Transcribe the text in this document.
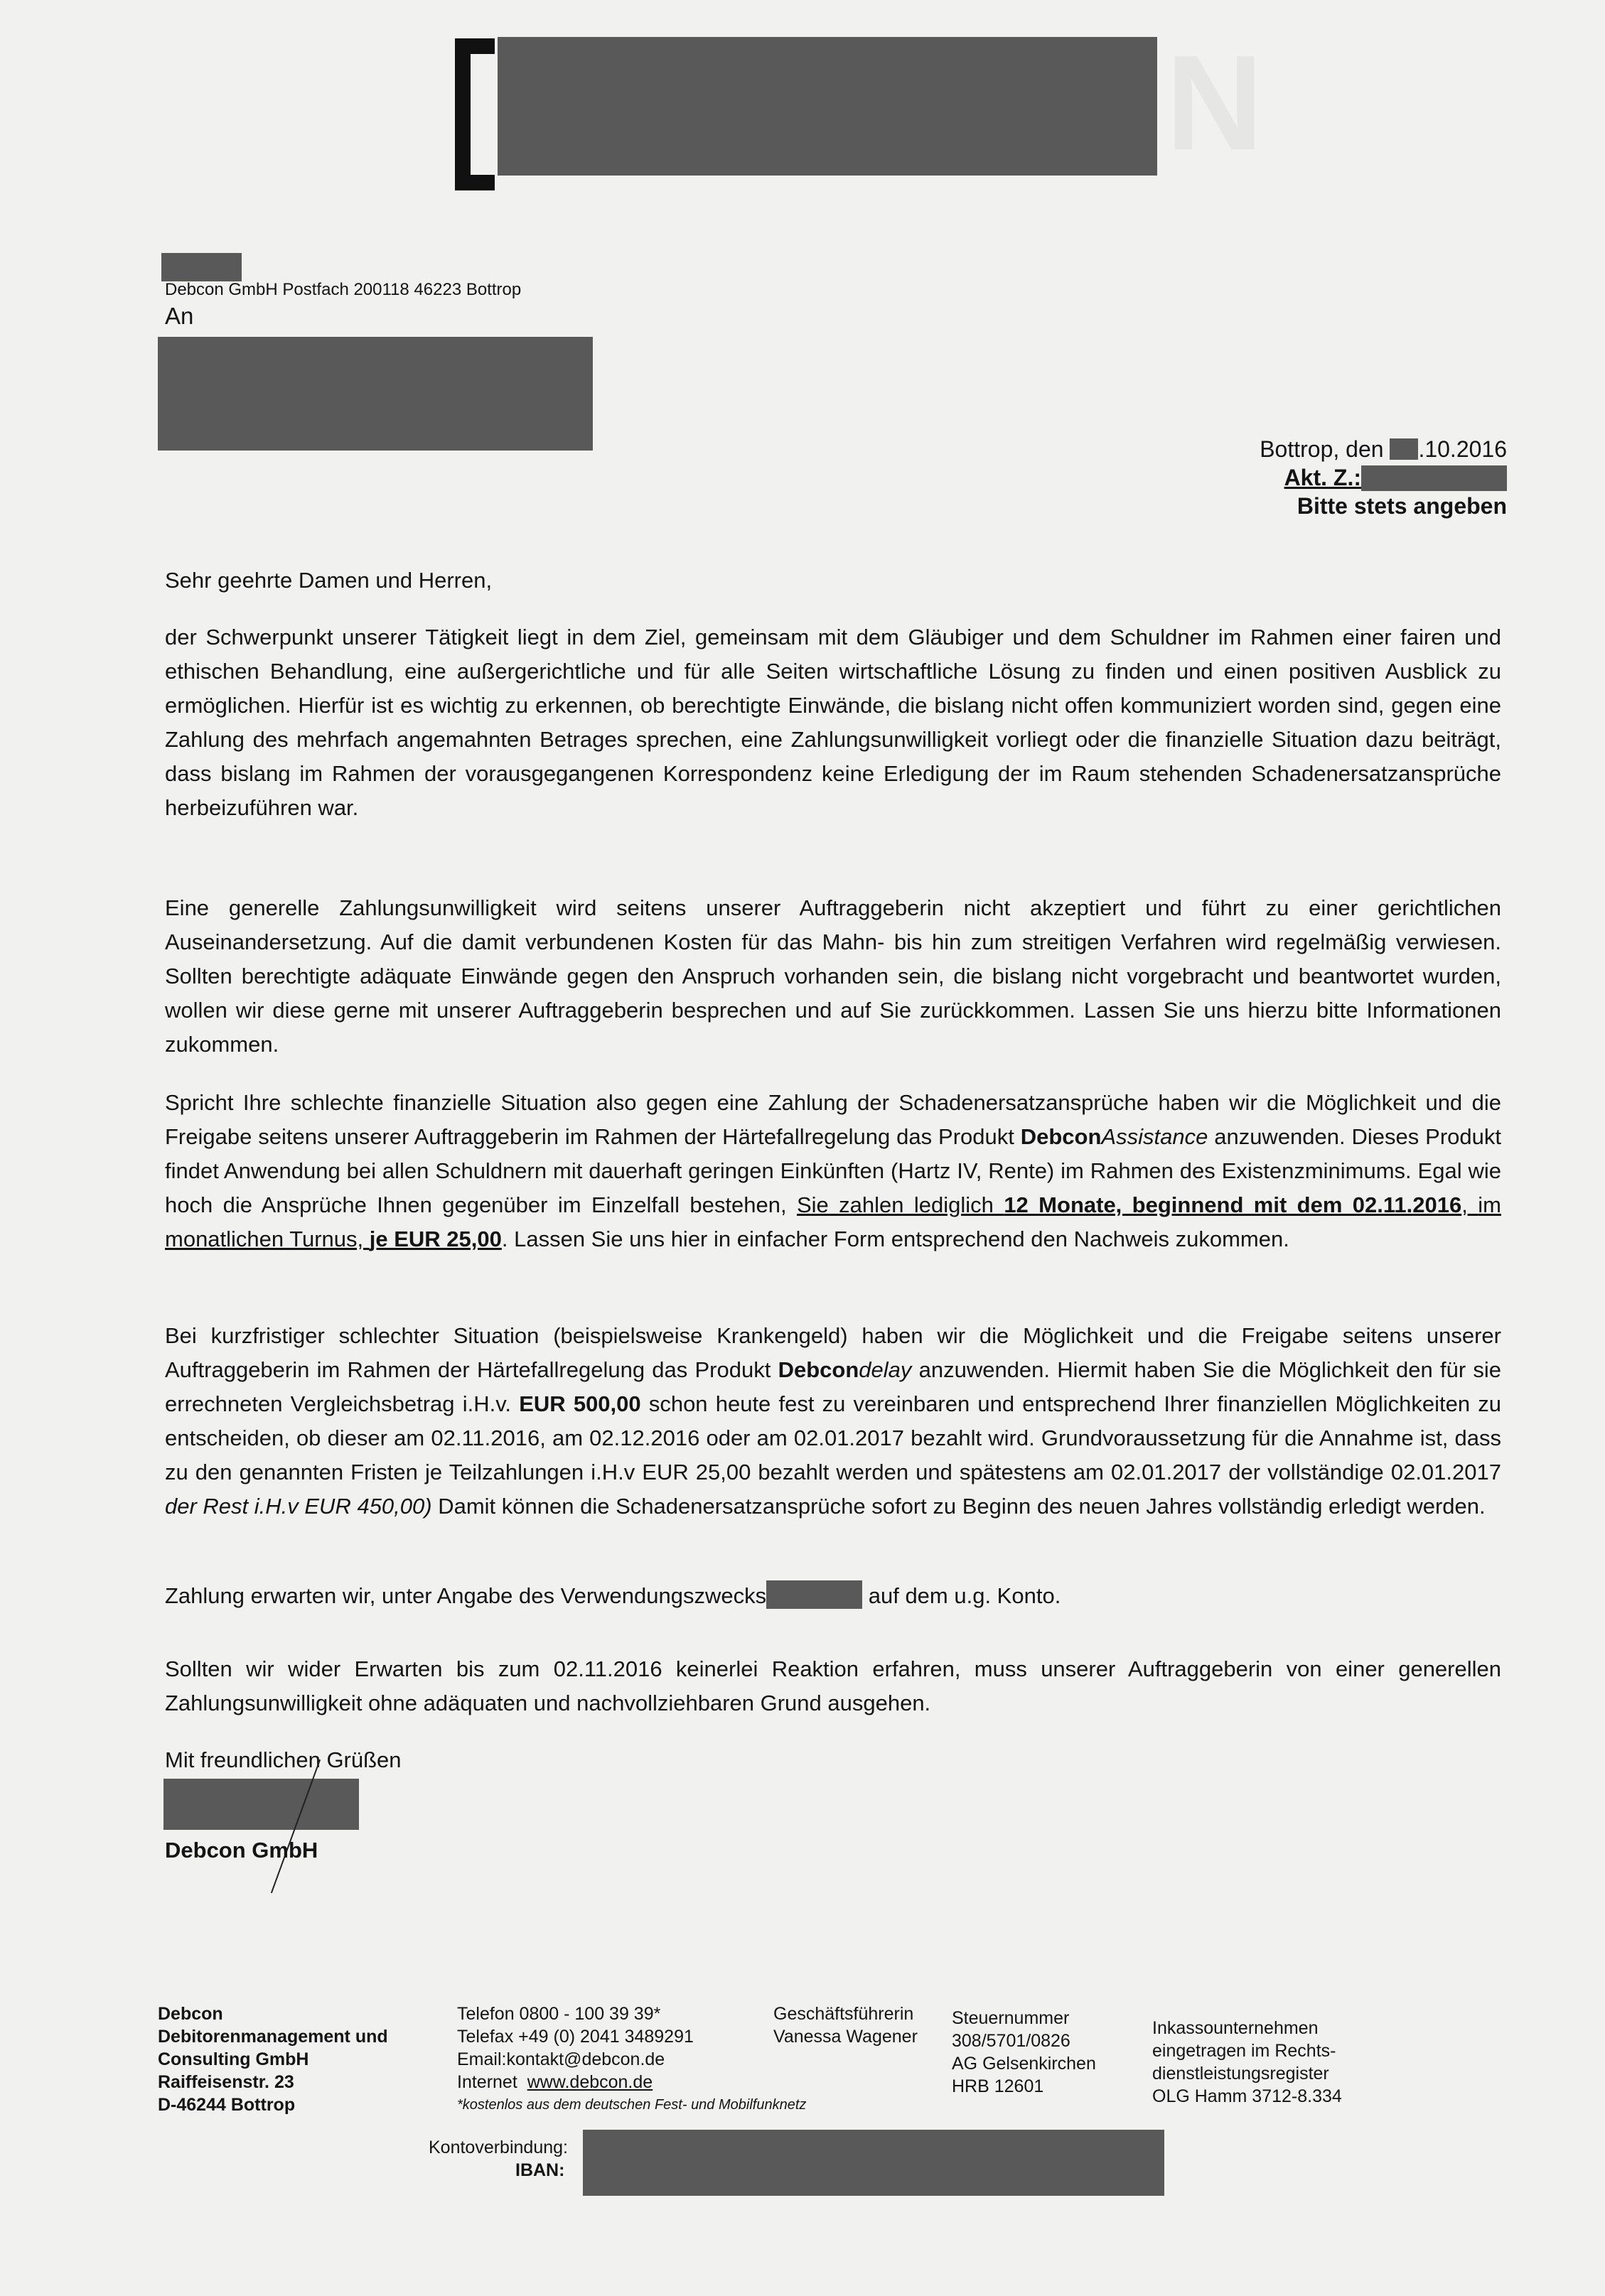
N
Debcon GmbH Postfach 200118 46223 Bottrop
An
Bottrop, den .10.2016
Akt. Z.:
Bitte stets angeben
Sehr geehrte Damen und Herren,
der Schwerpunkt unserer Tätigkeit liegt in dem Ziel, gemeinsam mit dem Gläubiger und dem Schuldner im Rahmen einer fairen und ethischen Behandlung, eine außergerichtliche und für alle Seiten wirtschaftliche Lösung zu finden und einen positiven Ausblick zu ermöglichen. Hierfür ist es wichtig zu erkennen, ob berechtigte Einwände, die bislang nicht offen kommuniziert worden sind, gegen eine Zahlung des mehrfach angemahnten Betrages sprechen, eine Zahlungsunwilligkeit vorliegt oder die finanzielle Situation dazu beiträgt, dass bislang im Rahmen der vorausgegangenen Korrespondenz keine Erledigung der im Raum stehenden Schadenersatzansprüche herbeizuführen war.
Eine generelle Zahlungsunwilligkeit wird seitens unserer Auftraggeberin nicht akzeptiert und führt zu einer gerichtlichen Auseinandersetzung. Auf die damit verbundenen Kosten für das Mahn- bis hin zum streitigen Verfahren wird regelmäßig verwiesen. Sollten berechtigte adäquate Einwände gegen den Anspruch vorhanden sein, die bislang nicht vorgebracht und beantwortet wurden, wollen wir diese gerne mit unserer Auftraggeberin besprechen und auf Sie zurückkommen. Lassen Sie uns hierzu bitte Informationen zukommen.
Spricht Ihre schlechte finanzielle Situation also gegen eine Zahlung der Schadenersatzansprüche haben wir die Möglichkeit und die Freigabe seitens unserer Auftraggeberin im Rahmen der Härtefallregelung das Produkt DebconAssistance anzuwenden. Dieses Produkt findet Anwendung bei allen Schuldnern mit dauerhaft geringen Einkünften (Hartz IV, Rente) im Rahmen des Existenzminimums. Egal wie hoch die Ansprüche Ihnen gegenüber im Einzelfall bestehen, Sie zahlen lediglich 12 Monate, beginnend mit dem 02.11.2016, im monatlichen Turnus, je EUR 25,00. Lassen Sie uns hier in einfacher Form entsprechend den Nachweis zukommen.
Bei kurzfristiger schlechter Situation (beispielsweise Krankengeld) haben wir die Möglichkeit und die Freigabe seitens unserer Auftraggeberin im Rahmen der Härtefallregelung das Produkt Debcondelay anzuwenden. Hiermit haben Sie die Möglichkeit den für sie errechneten Vergleichsbetrag i.H.v. EUR 500,00 schon heute fest zu vereinbaren und entsprechend Ihrer finanziellen Möglichkeiten zu entscheiden, ob dieser am 02.11.2016, am 02.12.2016 oder am 02.01.2017 bezahlt wird. Grundvoraussetzung für die Annahme ist, dass zu den genannten Fristen je Teilzahlungen i.H.v EUR 25,00 bezahlt werden und spätestens am 02.01.2017 der vollständige 02.01.2017 der Rest i.H.v EUR 450,00) Damit können die Schadenersatzansprüche sofort zu Beginn des neuen Jahres vollständig erledigt werden.
Zahlung erwarten wir, unter Angabe des Verwendungszwecks	auf dem u.g. Konto.
Sollten wir wider Erwarten bis zum 02.11.2016 keinerlei Reaktion erfahren, muss unserer Auftraggeberin von einer generellen Zahlungsunwilligkeit ohne adäquaten und nachvollziehbaren Grund ausgehen.
Mit freundlichen Grüßen
Debcon GmbH
Debcon
Debitorenmanagement und
Consulting GmbH
Raiffeisenstr. 23
D-46244 Bottrop
Telefon 0800 - 100 39 39*
Telefax +49 (0) 2041 3489291
Email:kontakt@debcon.de
Internet www.debcon.de
*kostenlos aus dem deutschen Fest- und Mobilfunknetz
Geschäftsführerin
Vanessa Wagener
Steuernummer
308/5701/0826
AG Gelsenkirchen
HRB 12601
Inkassounternehmen
eingetragen im Rechts-
dienstleistungsregister
OLG Hamm 3712-8.334
Kontoverbindung:
IBAN:
